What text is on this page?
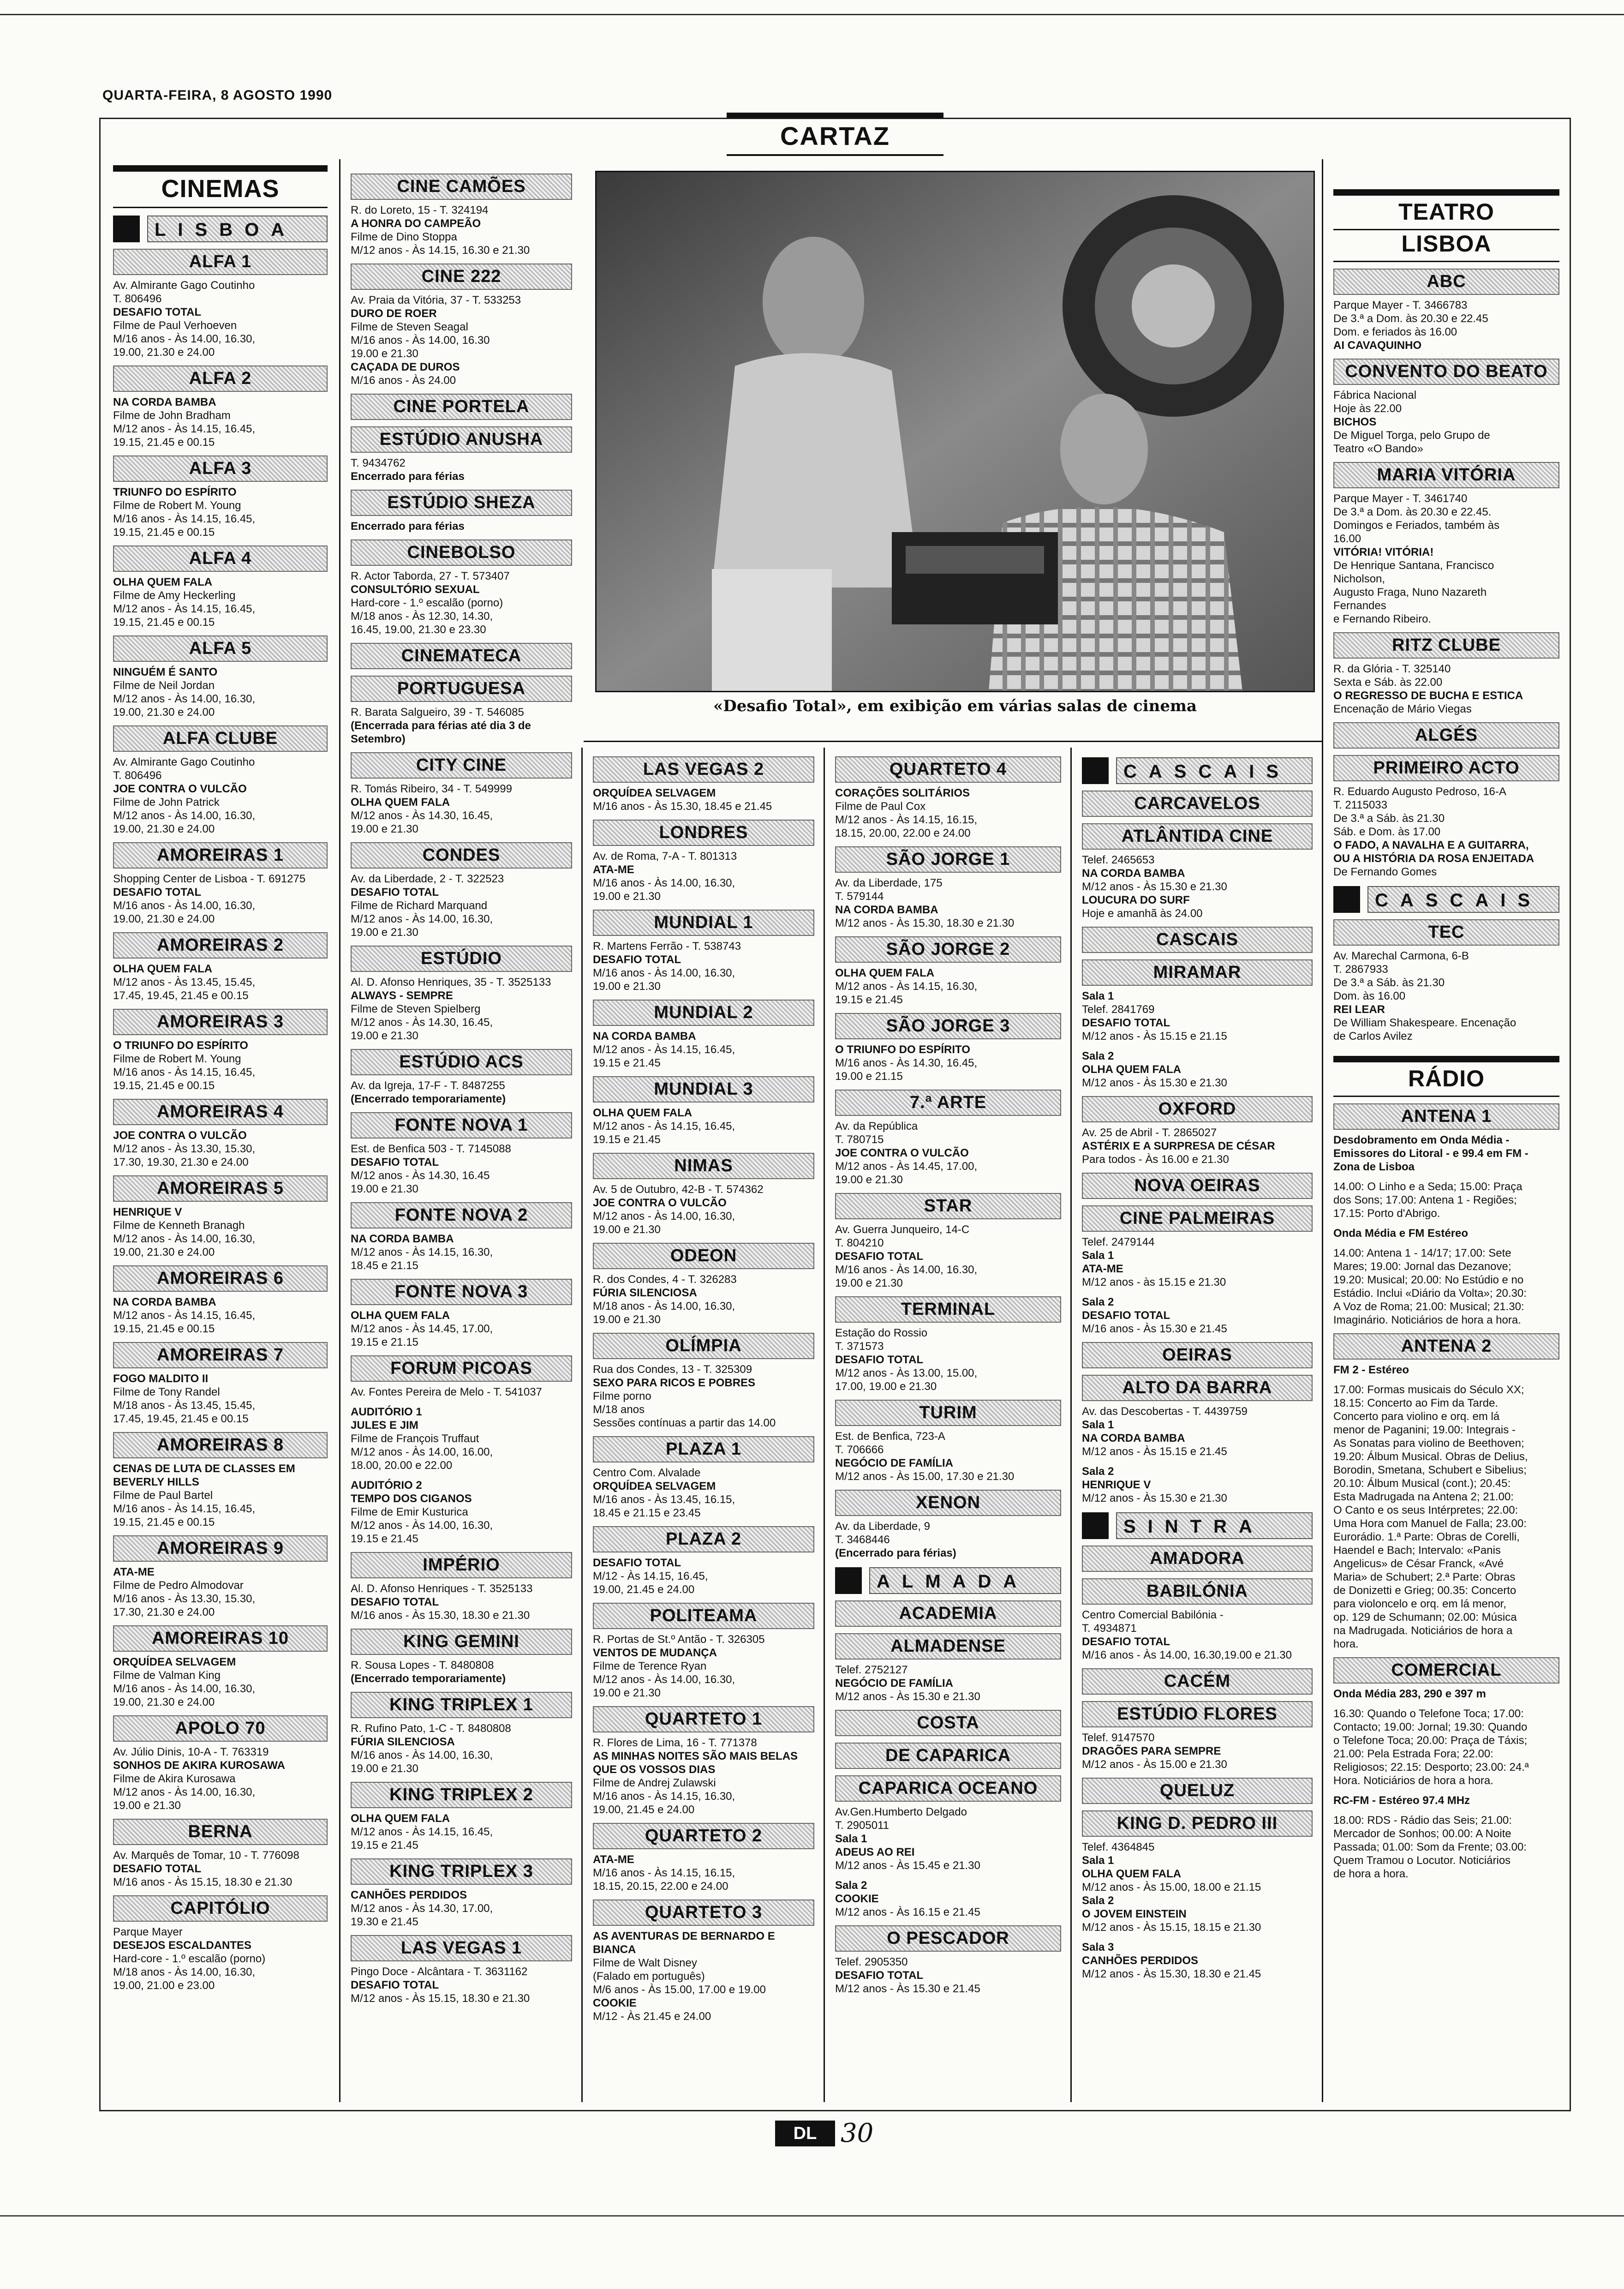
QUARTA-FEIRA, 8 AGOSTO 1990
CARTAZ
«Desafio Total», em exibição em várias salas de cinema
CINEMAS
LISBOA
ALFA 1
Av. Almirante Gago Coutinho
T. 806496
DESAFIO TOTAL
Filme de Paul Verhoeven
M/16 anos - Às 14.00, 16.30,
19.00, 21.30 e 24.00
ALFA 2
NA CORDA BAMBA
Filme de John Bradham
M/12 anos - Às 14.15, 16.45,
19.15, 21.45 e 00.15
ALFA 3
TRIUNFO DO ESPÍRITO
Filme de Robert M. Young
M/16 anos - Às 14.15, 16.45,
19.15, 21.45 e 00.15
ALFA 4
OLHA QUEM FALA
Filme de Amy Heckerling
M/12 anos - Às 14.15, 16.45,
19.15, 21.45 e 00.15
ALFA 5
NINGUÉM É SANTO
Filme de Neil Jordan
M/12 anos - Às 14.00, 16.30,
19.00, 21.30 e 24.00
ALFA CLUBE
Av. Almirante Gago Coutinho
T. 806496
JOE CONTRA O VULCÃO
Filme de John Patrick
M/12 anos - Às 14.00, 16.30,
19.00, 21.30 e 24.00
AMOREIRAS 1
Shopping Center de Lisboa - T. 691275
DESAFIO TOTAL
M/16 anos - Às 14.00, 16.30,
19.00, 21.30 e 24.00
AMOREIRAS 2
OLHA QUEM FALA
M/12 anos - Às 13.45, 15.45,
17.45, 19.45, 21.45 e 00.15
AMOREIRAS 3
O TRIUNFO DO ESPÍRITO
Filme de Robert M. Young
M/16 anos - Às 14.15, 16.45,
19.15, 21.45 e 00.15
AMOREIRAS 4
JOE CONTRA O VULCÃO
M/12 anos - Às 13.30, 15.30,
17.30, 19.30, 21.30 e 24.00
AMOREIRAS 5
HENRIQUE V
Filme de Kenneth Branagh
M/12 anos - Às 14.00, 16.30,
19.00, 21.30 e 24.00
AMOREIRAS 6
NA CORDA BAMBA
M/12 anos - Às 14.15, 16.45,
19.15, 21.45 e 00.15
AMOREIRAS 7
FOGO MALDITO II
Filme de Tony Randel
M/18 anos - Às 13.45, 15.45,
17.45, 19.45, 21.45 e 00.15
AMOREIRAS 8
CENAS DE LUTA DE CLASSES EM
BEVERLY HILLS
Filme de Paul Bartel
M/16 anos - Às 14.15, 16.45,
19.15, 21.45 e 00.15
AMOREIRAS 9
ATA-ME
Filme de Pedro Almodovar
M/16 anos - Às 13.30, 15.30,
17.30, 21.30 e 24.00
AMOREIRAS 10
ORQUÍDEA SELVAGEM
Filme de Valman King
M/16 anos - Às 14.00, 16.30,
19.00, 21.30 e 24.00
APOLO 70
Av. Júlio Dinis, 10-A - T. 763319
SONHOS DE AKIRA KUROSAWA
Filme de Akira Kurosawa
M/12 anos - Às 14.00, 16.30,
19.00 e 21.30
BERNA
Av. Marquês de Tomar, 10 - T. 776098
DESAFIO TOTAL
M/16 anos - Às 15.15, 18.30 e 21.30
CAPITÓLIO
Parque Mayer
DESEJOS ESCALDANTES
Hard-core - 1.º escalão (porno)
M/18 anos - Às 14.00, 16.30,
19.00, 21.00 e 23.00
CINE CAMÕES
R. do Loreto, 15 - T. 324194
A HONRA DO CAMPEÃO
Filme de Dino Stoppa
M/12 anos - Às 14.15, 16.30 e 21.30
CINE 222
Av. Praia da Vitória, 37 - T. 533253
DURO DE ROER
Filme de Steven Seagal
M/16 anos - Às 14.00, 16.30
19.00 e 21.30
CAÇADA DE DUROS
M/16 anos - Às 24.00
CINE PORTELA
ESTÚDIO ANUSHA
T. 9434762
Encerrado para férias
ESTÚDIO SHEZA
Encerrado para férias
CINEBOLSO
R. Actor Taborda, 27 - T. 573407
CONSULTÓRIO SEXUAL
Hard-core - 1.º escalão (porno)
M/18 anos - Às 12.30, 14.30,
16.45, 19.00, 21.30 e 23.30
CINEMATECA
PORTUGUESA
R. Barata Salgueiro, 39 - T. 546085
(Encerrada para férias até dia 3 de
Setembro)
CITY CINE
R. Tomás Ribeiro, 34 - T. 549999
OLHA QUEM FALA
M/12 anos - Às 14.30, 16.45,
19.00 e 21.30
CONDES
Av. da Liberdade, 2 - T. 322523
DESAFIO TOTAL
Filme de Richard Marquand
M/12 anos - Às 14.00, 16.30,
19.00 e 21.30
ESTÚDIO
Al. D. Afonso Henriques, 35 - T. 3525133
ALWAYS - SEMPRE
Filme de Steven Spielberg
M/12 anos - Às 14.30, 16.45,
19.00 e 21.30
ESTÚDIO ACS
Av. da Igreja, 17-F - T. 8487255
(Encerrado temporariamente)
FONTE NOVA 1
Est. de Benfica 503 - T. 7145088
DESAFIO TOTAL
M/12 anos - Às 14.30, 16.45
19.00 e 21.30
FONTE NOVA 2
NA CORDA BAMBA
M/12 anos - Às 14.15, 16.30,
18.45 e 21.15
FONTE NOVA 3
OLHA QUEM FALA
M/12 anos - Às 14.45, 17.00,
19.15 e 21.15
FORUM PICOAS
Av. Fontes Pereira de Melo - T. 541037

AUDITÓRIO 1
JULES E JIM
Filme de François Truffaut
M/12 anos - Às 14.00, 16.00,
18.00, 20.00 e 22.00

AUDITÓRIO 2
TEMPO DOS CIGANOS
Filme de Emir Kusturica
M/12 anos - Às 14.00, 16.30,
19.15 e 21.45
IMPÉRIO
Al. D. Afonso Henriques - T. 3525133
DESAFIO TOTAL
M/16 anos - Às 15.30, 18.30 e 21.30
KING GEMINI
R. Sousa Lopes - T. 8480808
(Encerrado temporariamente)
KING TRIPLEX 1
R. Rufino Pato, 1-C - T. 8480808
FÚRIA SILENCIOSA
M/16 anos - Às 14.00, 16.30,
19.00 e 21.30
KING TRIPLEX 2
OLHA QUEM FALA
M/12 anos - Às 14.15, 16.45,
19.15 e 21.45
KING TRIPLEX 3
CANHÕES PERDIDOS
M/12 anos - Às 14.30, 17.00,
19.30 e 21.45
LAS VEGAS 1
Pingo Doce - Alcântara - T. 3631162
DESAFIO TOTAL
M/12 anos - Às 15.15, 18.30 e 21.30
LAS VEGAS 2
ORQUÍDEA SELVAGEM
M/16 anos - Às 15.30, 18.45 e 21.45
LONDRES
Av. de Roma, 7-A - T. 801313
ATA-ME
M/16 anos - Às 14.00, 16.30,
19.00 e 21.30
MUNDIAL 1
R. Martens Ferrão - T. 538743
DESAFIO TOTAL
M/16 anos - Às 14.00, 16.30,
19.00 e 21.30
MUNDIAL 2
NA CORDA BAMBA
M/12 anos - Às 14.15, 16.45,
19.15 e 21.45
MUNDIAL 3
OLHA QUEM FALA
M/12 anos - Às 14.15, 16.45,
19.15 e 21.45
NIMAS
Av. 5 de Outubro, 42-B - T. 574362
JOE CONTRA O VULCÃO
M/12 anos - Às 14.00, 16.30,
19.00 e 21.30
ODEON
R. dos Condes, 4 - T. 326283
FÚRIA SILENCIOSA
M/18 anos - Às 14.00, 16.30,
19.00 e 21.30
OLÍMPIA
Rua dos Condes, 13 - T. 325309
SEXO PARA RICOS E POBRES
Filme porno
M/18 anos
Sessões contínuas a partir das 14.00
PLAZA 1
Centro Com. Alvalade
ORQUÍDEA SELVAGEM
M/16 anos - Às 13.45, 16.15,
18.45 e 21.15 e 23.45
PLAZA 2
DESAFIO TOTAL
M/12 - Às 14.15, 16.45,
19.00, 21.45 e 24.00
POLITEAMA
R. Portas de St.º Antão - T. 326305
VENTOS DE MUDANÇA
Filme de Terence Ryan
M/12 anos - Às 14.00, 16.30,
19.00 e 21.30
QUARTETO 1
R. Flores de Lima, 16 - T. 771378
AS MINHAS NOITES SÃO MAIS BELAS
QUE OS VOSSOS DIAS
Filme de Andrej Zulawski
M/16 anos - Às 14.15, 16.30,
19.00, 21.45 e 24.00
QUARTETO 2
ATA-ME
M/16 anos - Às 14.15, 16.15,
18.15, 20.15, 22.00 e 24.00
QUARTETO 3
AS AVENTURAS DE BERNARDO E
BIANCA
Filme de Walt Disney
(Falado em português)
M/6 anos - Às 15.00, 17.00 e 19.00
COOKIE
M/12 - Às 21.45 e 24.00
QUARTETO 4
CORAÇÕES SOLITÁRIOS
Filme de Paul Cox
M/12 anos - Às 14.15, 16.15,
18.15, 20.00, 22.00 e 24.00
SÃO JORGE 1
Av. da Liberdade, 175
T. 579144
NA CORDA BAMBA
M/12 anos - Às 15.30, 18.30 e 21.30
SÃO JORGE 2
OLHA QUEM FALA
M/12 anos - Às 14.15, 16.30,
19.15 e 21.45
SÃO JORGE 3
O TRIUNFO DO ESPÍRITO
M/16 anos - Às 14.30, 16.45,
19.00 e 21.15
7.ª ARTE
Av. da República
T. 780715
JOE CONTRA O VULCÃO
M/12 anos - Às 14.45, 17.00,
19.00 e 21.30
STAR
Av. Guerra Junqueiro, 14-C
T. 804210
DESAFIO TOTAL
M/16 anos - Às 14.00, 16.30,
19.00 e 21.30
TERMINAL
Estação do Rossio
T. 371573
DESAFIO TOTAL
M/12 anos - Às 13.00, 15.00,
17.00, 19.00 e 21.30
TURIM
Est. de Benfica, 723-A
T. 706666
NEGÓCIO DE FAMÍLIA
M/12 anos - Às 15.00, 17.30 e 21.30
XENON
Av. da Liberdade, 9
T. 3468446
(Encerrado para férias)
ALMADA
ACADEMIA
ALMADENSE
Telef. 2752127
NEGÓCIO DE FAMÍLIA
M/12 anos - Às 15.30 e 21.30
COSTA
DE CAPARICA
CAPARICA OCEANO
Av.Gen.Humberto Delgado
T. 2905011
Sala 1
ADEUS AO REI
M/12 anos - Às 15.45 e 21.30

Sala 2
COOKIE
M/12 anos - Às 16.15 e 21.45
O PESCADOR
Telef. 2905350
DESAFIO TOTAL
M/12 anos - Às 15.30 e 21.45
CASCAIS
CARCAVELOS
ATLÂNTIDA CINE
Telef. 2465653
NA CORDA BAMBA
M/12 anos - Às 15.30 e 21.30
LOUCURA DO SURF
Hoje e amanhã às 24.00
CASCAIS
MIRAMAR
Sala 1
Telef. 2841769
DESAFIO TOTAL
M/12 anos - Às 15.15 e 21.15

Sala 2
OLHA QUEM FALA
M/12 anos - Às 15.30 e 21.30
OXFORD
Av. 25 de Abril - T. 2865027
ASTÉRIX E A SURPRESA DE CÉSAR
Para todos - Às 16.00 e 21.30
NOVA OEIRAS
CINE PALMEIRAS
Telef. 2479144
Sala 1
ATA-ME
M/12 anos - às 15.15 e 21.30

Sala 2
DESAFIO TOTAL
M/16 anos - Às 15.30 e 21.45
OEIRAS
ALTO DA BARRA
Av. das Descobertas - T. 4439759
Sala 1
NA CORDA BAMBA
M/12 anos - Às 15.15 e 21.45

Sala 2
HENRIQUE V
M/12 anos - Às 15.30 e 21.30
SINTRA
AMADORA
BABILÓNIA
Centro Comercial Babilónia -
T. 4934871
DESAFIO TOTAL
M/16 anos - Às 14.00, 16.30,19.00 e 21.30
CACÉM
ESTÚDIO FLORES
Telef. 9147570
DRAGÕES PARA SEMPRE
M/12 anos - Às 15.00 e 21.30
QUELUZ
KING D. PEDRO III
Telef. 4364845
Sala 1
OLHA QUEM FALA
M/12 anos - Às 15.00, 18.00 e 21.15
Sala 2
O JOVEM EINSTEIN
M/12 anos - Às 15.15, 18.15 e 21.30

Sala 3
CANHÕES PERDIDOS
M/12 anos - Às 15.30, 18.30 e 21.45
TEATRO
LISBOA
ABC
Parque Mayer - T. 3466783
De 3.ª a Dom. às 20.30 e 22.45
Dom. e feriados às 16.00
AI CAVAQUINHO
CONVENTO DO BEATO
Fábrica Nacional
Hoje às 22.00
BICHOS
De Miguel Torga, pelo Grupo de
Teatro «O Bando»
MARIA VITÓRIA
Parque Mayer - T. 3461740
De 3.ª a Dom. às 20.30 e 22.45.
Domingos e Feriados, também às
16.00
VITÓRIA! VITÓRIA!
De Henrique Santana, Francisco
Nicholson,
Augusto Fraga, Nuno Nazareth
Fernandes
e Fernando Ribeiro.
RITZ CLUBE
R. da Glória - T. 325140
Sexta e Sáb. às 22.00
O REGRESSO DE BUCHA E ESTICA
Encenação de Mário Viegas
ALGÉS
PRIMEIRO ACTO
R. Eduardo Augusto Pedroso, 16-A
T. 2115033
De 3.ª a Sáb. às 21.30
Sáb. e Dom. às 17.00
O FADO, A NAVALHA E A GUITARRA,
OU A HISTÓRIA DA ROSA ENJEITADA
De Fernando Gomes
CASCAIS
TEC
Av. Marechal Carmona, 6-B
T. 2867933
De 3.ª a Sáb. às 21.30
Dom. às 16.00
REI LEAR
De William Shakespeare. Encenação
de Carlos Avilez
RÁDIO
ANTENA 1
Desdobramento em Onda Média -
Emissores do Litoral - e 99.4 em FM -
Zona de Lisboa

14.00: O Linho e a Seda; 15.00: Praça
dos Sons; 17.00: Antena 1 - Regiões;
17.15: Porto d'Abrigo.

Onda Média e FM Estéreo

14.00: Antena 1 - 14/17; 17.00: Sete
Mares; 19.00: Jornal das Dezanove;
19.20: Musical; 20.00: No Estúdio e no
Estádio. Inclui «Diário da Volta»; 20.30:
A Voz de Roma; 21.00: Musical; 21.30:
Imaginário. Noticiários de hora a hora.
ANTENA 2
FM 2 - Estéreo

17.00: Formas musicais do Século XX;
18.15: Concerto ao Fim da Tarde.
Concerto para violino e orq. em lá
menor de Paganini; 19.00: Integrais -
As Sonatas para violino de Beethoven;
19.20: Álbum Musical. Obras de Delius,
Borodin, Smetana, Schubert e Sibelius;
20.10: Álbum Musical (cont.); 20.45:
Esta Madrugada na Antena 2; 21.00:
O Canto e os seus Intérpretes; 22.00:
Uma Hora com Manuel de Falla; 23.00:
Eurorádio. 1.ª Parte: Obras de Corelli,
Haendel e Bach; Intervalo: «Panis
Angelicus» de César Franck, «Avé
Maria» de Schubert; 2.ª Parte: Obras
de Donizetti e Grieg; 00.35: Concerto
para violoncelo e orq. em lá menor,
op. 129 de Schumann; 02.00: Música
na Madrugada. Noticiários de hora a
hora.
COMERCIAL
Onda Média 283, 290 e 397 m

16.30: Quando o Telefone Toca; 17.00:
Contacto; 19.00: Jornal; 19.30: Quando
o Telefone Toca; 20.00: Praça de Táxis;
21.00: Pela Estrada Fora; 22.00:
Religiosos; 22.15: Desporto; 23.00: 24.ª
Hora. Noticiários de hora a hora.

RC-FM - Estéreo 97.4 MHz

18.00: RDS - Rádio das Seis; 21.00:
Mercador de Sonhos; 00.00: A Noite
Passada; 01.00: Som da Frente; 03.00:
Quem Tramou o Locutor. Noticiários
de hora a hora.
DL 30
